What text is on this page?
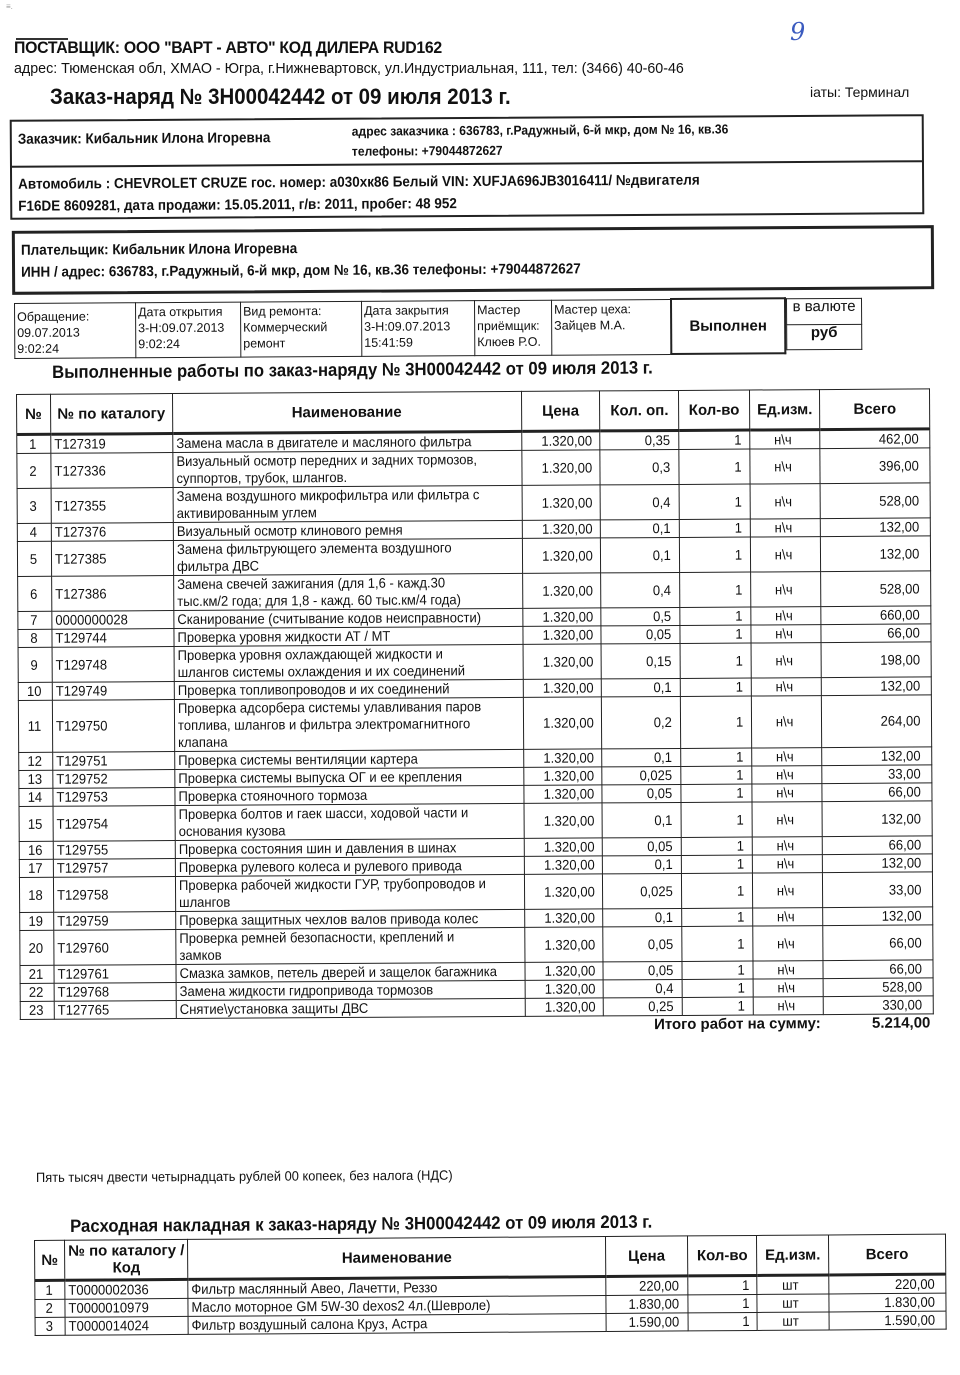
≡.
9
ПОСТАВЩИК: ООО "ВАРТ - АВТО" КОД ДИЛЕРА RUD162
адрес: Тюменская обл, ХМАО - Югра, г.Нижневартовск, ул.Индустриальная, 111, тел: (3466) 40-60-46
Заказ-наряд № 3Н00042442 от 09 июля 2013 г.	іаты: Терминал
Заказчик: Кибальник Илона Игоревна
адрес заказчика : 636783, г.Радужный, 6-й мкр, дом № 16, кв.36
телефоны: +79044872627
Автомобиль : CHEVROLET CRUZE гос. номер: а030хк86 Белый VIN: XUFJA696JB3016411/ №двигателя
F16DE 8609281, дата продажи: 15.05.2011, г/в: 2011, пробег: 48 952
Плательщик: Кибальник Илона Игоревна
ИНН / адрес: 636783, г.Радужный, 6-й мкр, дом № 16, кв.36 телефоны: +79044872627
Обращение:
09.07.2013
9:02:24

Дата открытия
3-Н:09.07.2013
9:02:24

Вид ремонта:
Коммерческий
ремонт

Дата закрытия
3-Н:09.07.2013
15:41:59

Мастер
приёмщик:
Клюев Р.О.

Мастер цеха:
Зайцев М.А.	Выполнен	
в валюте
руб
Выполненные работы по заказ-наряду № 3Н00042442 от 09 июля 2013 г.
№	№ по каталогу	Наименование	Цена	Кол. оп.	Кол-во	Ед.изм.	Всего

1	T127319	Замена масла в двигателе и масляного фильтра	1.320,00	0,35	1	н\ч	462,00

2	T127336	Визуальный осмотр передних и задних тормозов, суппортов, трубок, шлангов.	1.320,00	0,3	1	н\ч	396,00

3	T127355	Замена воздушного микрофильтра или фильтра с активированным углем	1.320,00	0,4	1	н\ч	528,00

4	T127376	Визуальный осмотр клинового ремня	1.320,00	0,1	1	н\ч	132,00

5	T127385	Замена фильтрующего элемента воздушного фильтра ДВС	1.320,00	0,1	1	н\ч	132,00

6	T127386	Замена свечей зажигания (для 1,6 - кажд.30 тыс.км/2 года; для 1,8 - кажд. 60 тыс.км/4 года)	1.320,00	0,4	1	н\ч	528,00

7	0000000028	Сканирование (считывание кодов неисправности)	1.320,00	0,5	1	н\ч	660,00

8	T129744	Проверка уровня жидкости АТ / МТ	1.320,00	0,05	1	н\ч	66,00

9	T129748	Проверка уровня охлаждающей жидкости и шлангов системы охлаждения и их соединений	1.320,00	0,15	1	н\ч	198,00

10	T129749	Проверка топливопроводов и их соединений	1.320,00	0,1	1	н\ч	132,00

11	T129750	Проверка адсорбера системы улавливания паров топлива, шлангов и фильтра электромагнитного клапана	1.320,00	0,2	1	н\ч	264,00

12	T129751	Проверка системы вентиляции картера	1.320,00	0,1	1	н\ч	132,00

13	T129752	Проверка системы выпуска ОГ и ее крепления	1.320,00	0,025	1	н\ч	33,00

14	T129753	Проверка стояночного тормоза	1.320,00	0,05	1	н\ч	66,00

15	T129754	Проверка болтов и гаек шасси, ходовой части и основания кузова	1.320,00	0,1	1	н\ч	132,00

16	T129755	Проверка состояния шин и давления в шинах	1.320,00	0,05	1	н\ч	66,00

17	T129757	Проверка рулевого колеса и рулевого привода	1.320,00	0,1	1	н\ч	132,00

18	T129758	Проверка рабочей жидкости ГУР, трубопроводов и шлангов	1.320,00	0,025	1	н\ч	33,00

19	T129759	Проверка защитных чехлов валов привода колес	1.320,00	0,1	1	н\ч	132,00

20	T129760	Проверка ремней безопасности, креплений и замков	1.320,00	0,05	1	н\ч	66,00

21	T129761	Смазка замков, петель дверей и защелок багажника	1.320,00	0,05	1	н\ч	66,00

22	T129768	Замена жидкости гидропривода тормозов	1.320,00	0,4	1	н\ч	528,00

23	T127765	Снятие\установка защиты ДВС	1.320,00	0,25	1	н\ч	330,00

Итого работ на сумму:							5.214,00
Пять тысяч двести четырнадцать рублей 00 копеек, без налога (НДС)
Расходная накладная к заказ-наряду № 3Н00042442 от 09 июля 2013 г.
№	№ по каталогу / Код	Наименование	Цена	Кол-во	Ед.изм.	Всего

1	T0000002036	Фильтр маслянный Авео, Лачетти, Реззо	220,00	1	шт	220,00

2	T0000010979	Масло моторное GM 5W-30 dexos2 4л.(Шевроле)	1.830,00	1	шт	1.830,00

3	T0000014024	Фильтр воздушный салона Круз, Астра	1.590,00	1	шт	1.590,00
